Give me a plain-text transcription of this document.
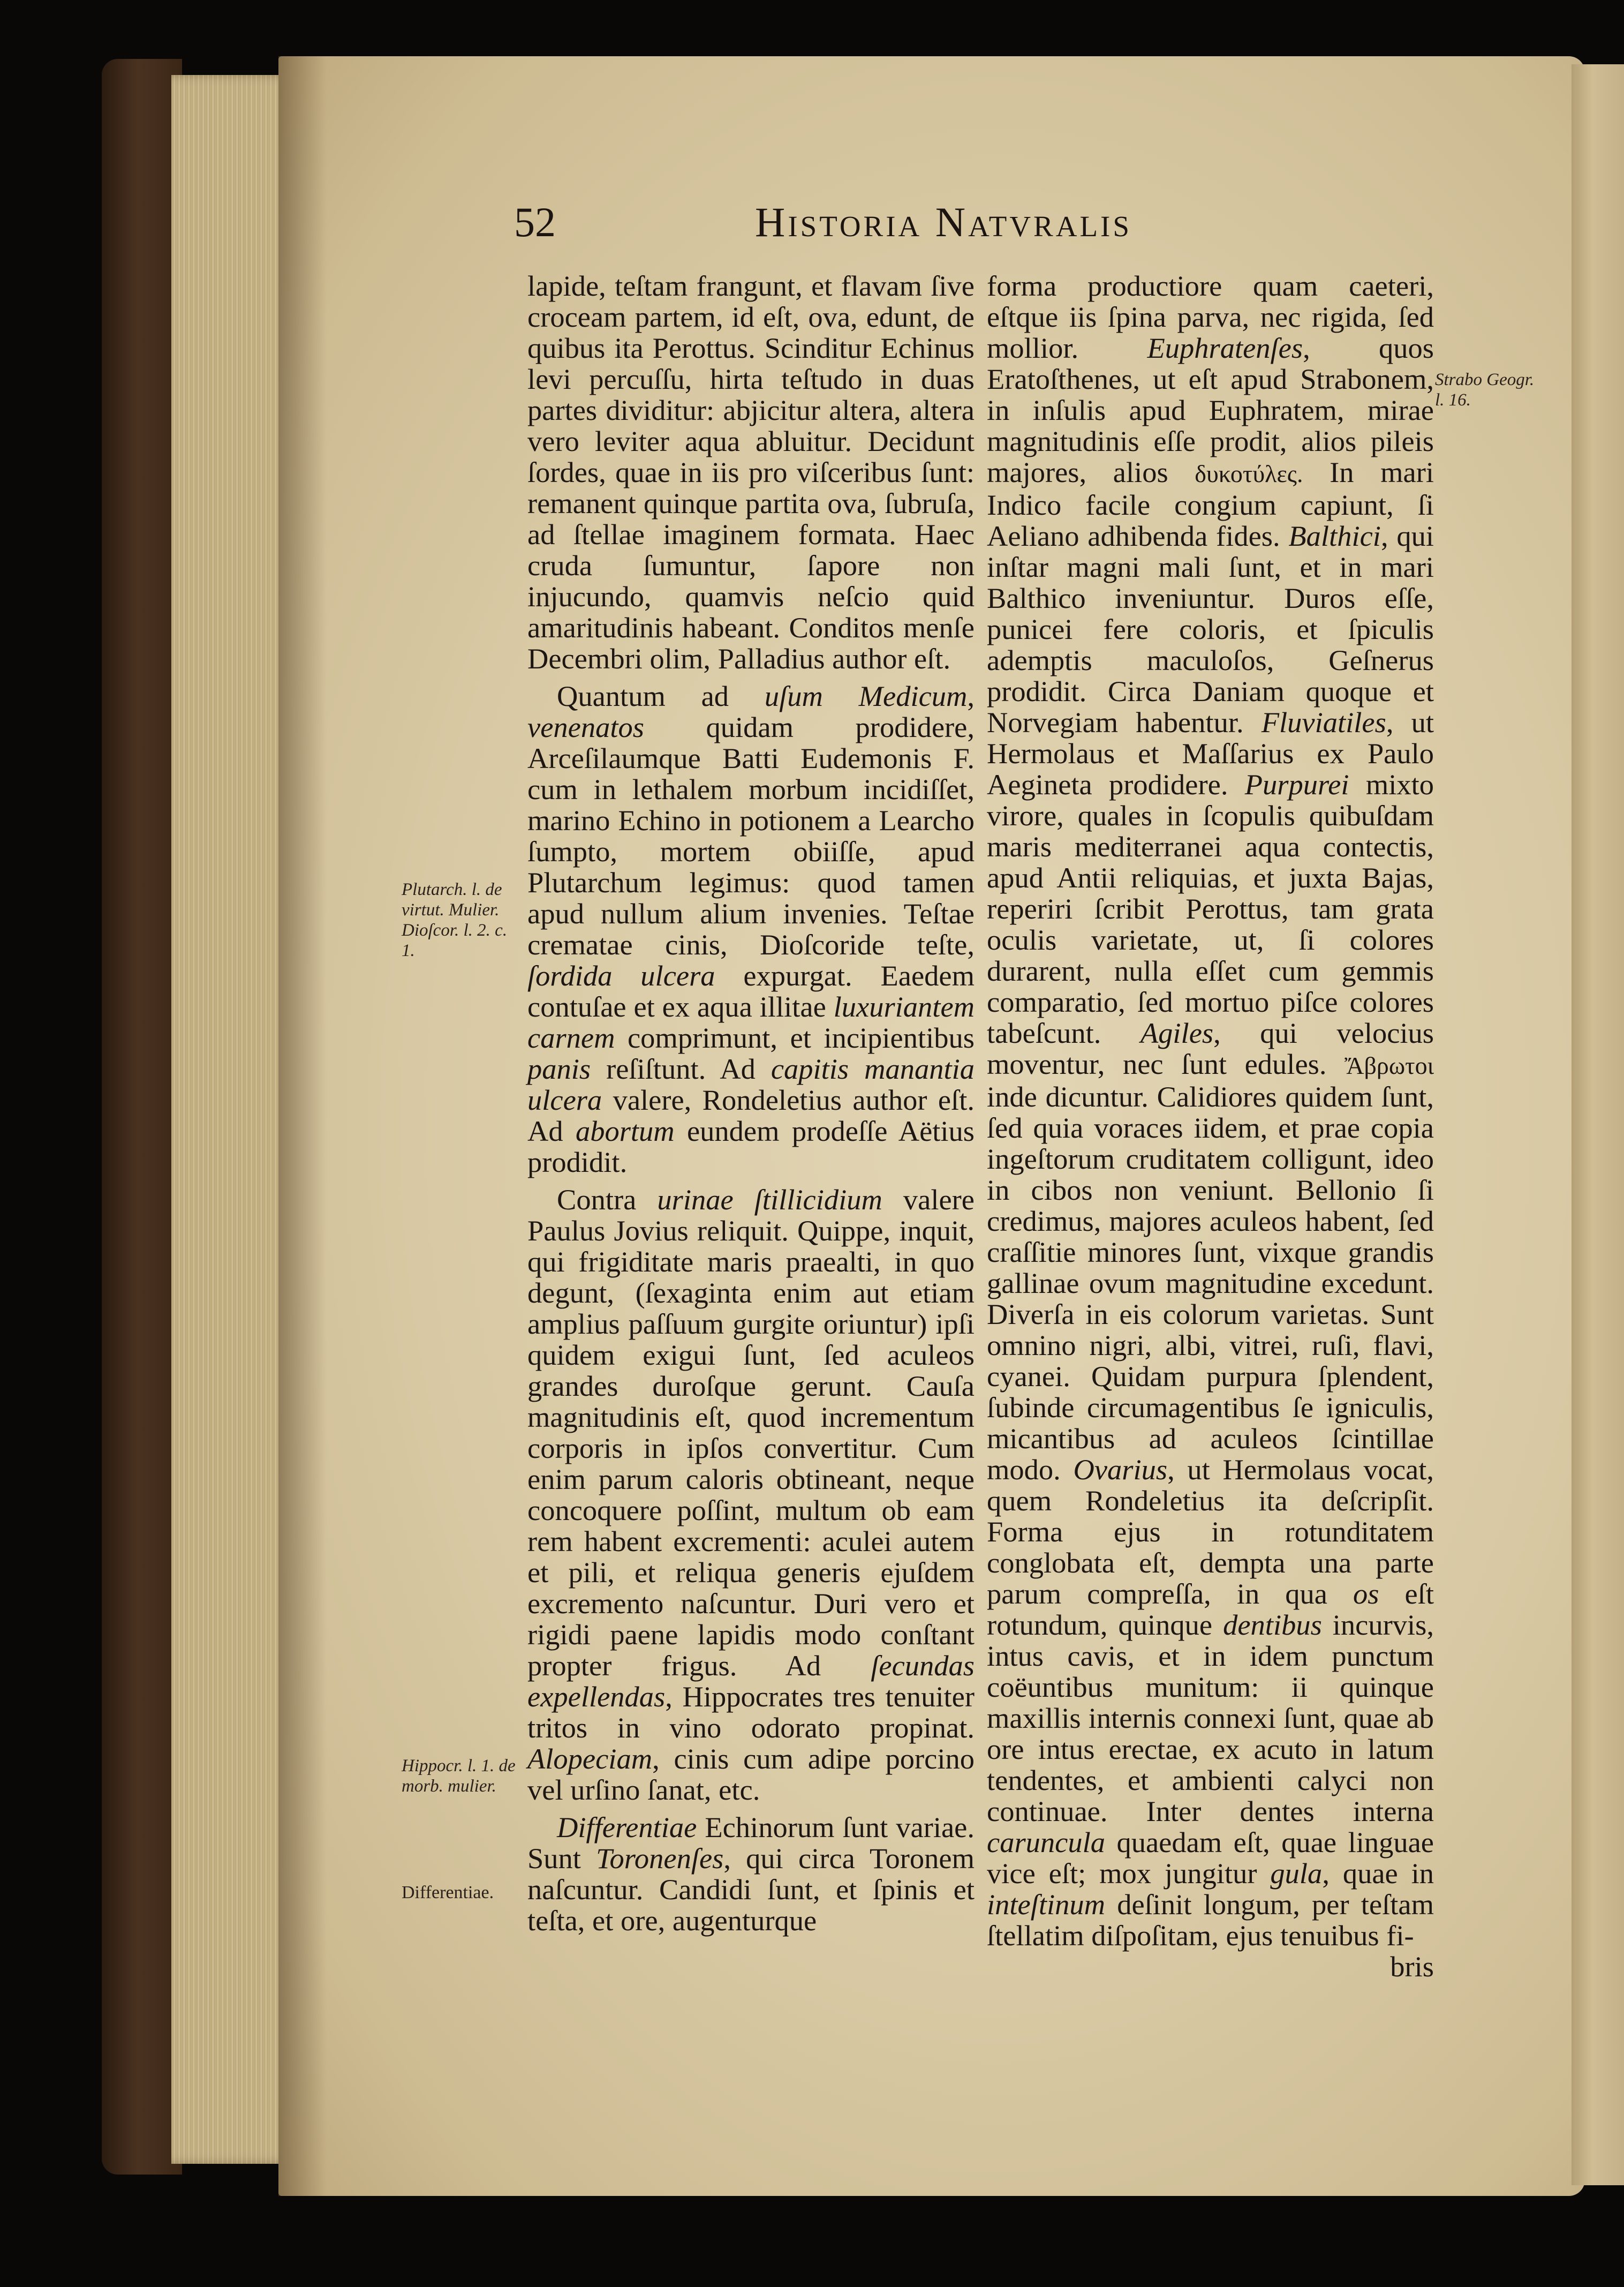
52	Historia Natvralis

lapide, teſtam frangunt, et flavam ſive croceam partem, id eſt, ova, edunt, de quibus ita Perottus. Scinditur Echinus levi percuſſu, hirta teſtudo in duas partes dividitur: abjicitur altera, altera vero leviter aqua abluitur. Decidunt ſordes, quae in iis pro viſceribus ſunt: remanent quinque partita ova, ſubruſa, ad ſtellae imaginem formata. Haec cruda ſumuntur, ſapore non injucundo, quamvis neſcio quid amaritudinis habeant. Conditos menſe Decembri olim, Palladius author eſt.

Quantum ad uſum Medicum, venenatos quidam prodidere, Arceſilaumque Batti Eudemonis F. cum in lethalem morbum incidiſſet, marino Echino in potionem a Learcho ſumpto, mortem obiiſſe, apud Plutarchum legimus: quod tamen apud nullum alium invenies. Teſtae crematae cinis, Dioſcoride teſte, ſordida ulcera expurgat. Eaedem contuſae et ex aqua illitae luxuriantem carnem comprimunt, et incipientibus panis reſiſtunt. Ad capitis manantia ulcera valere, Rondeletius author eſt. Ad abortum eundem prodeſſe Aëtius prodidit.

Contra urinae ſtillicidium valere Paulus Jovius reliquit. Quippe, inquit, qui frigiditate maris praealti, in quo degunt, (ſexaginta enim aut etiam amplius paſſuum gurgite oriuntur) ipſi quidem exigui ſunt, ſed aculeos grandes duroſque gerunt. Cauſa magnitudinis eſt, quod incrementum corporis in ipſos convertitur. Cum enim parum caloris obtineant, neque concoquere poſſint, multum ob eam rem habent excrementi: aculei autem et pili, et reliqua generis ejuſdem excremento naſcuntur. Duri vero et rigidi paene lapidis modo conſtant propter frigus. Ad ſecundas expellendas, Hippocrates tres tenuiter tritos in vino odorato propinat. Alopeciam, cinis cum adipe porcino vel urſino ſanat, etc.

Differentiae Echinorum ſunt variae. Sunt Toronenſes, qui circa Toronem naſcuntur. Candidi ſunt, et ſpinis et teſta, et ore, augenturque

forma productiore quam caeteri, eſtque iis ſpina parva, nec rigida, ſed mollior. Euphratenſes, quos Eratoſthenes, ut eſt apud Strabonem, in inſulis apud Euphratem, mirae magnitudinis eſſe prodit, alios pileis majores, alios δυκοτύλες. In mari Indico facile congium capiunt, ſi Aeliano adhibenda fides. Balthici, qui inſtar magni mali ſunt, et in mari Balthico inveniuntur. Duros eſſe, punicei fere coloris, et ſpiculis ademptis maculoſos, Geſnerus prodidit. Circa Daniam quoque et Norvegiam habentur. Fluviatiles, ut Hermolaus et Maſſarius ex Paulo Aegineta prodidere. Purpurei mixto virore, quales in ſcopulis quibuſdam maris mediterranei aqua contectis, apud Antii reliquias, et juxta Bajas, reperiri ſcribit Perottus, tam grata oculis varietate, ut, ſi colores durarent, nulla eſſet cum gemmis comparatio, ſed mortuo piſce colores tabeſcunt. Agiles, qui velocius moventur, nec ſunt edules. Ἄβρωτοι inde dicuntur. Calidiores quidem ſunt, ſed quia voraces iidem, et prae copia ingeſtorum cruditatem colligunt, ideo in cibos non veniunt. Bellonio ſi credimus, majores aculeos habent, ſed craſſitie minores ſunt, vixque grandis gallinae ovum magnitudine excedunt. Diverſa in eis colorum varietas. Sunt omnino nigri, albi, vitrei, ruſi, flavi, cyanei. Quidam purpura ſplendent, ſubinde circumagentibus ſe igniculis, micantibus ad aculeos ſcintillae modo. Ovarius, ut Hermolaus vocat, quem Rondeletius ita deſcripſit. Forma ejus in rotunditatem conglobata eſt, dempta una parte parum compreſſa, in qua os eſt rotundum, quinque dentibus incurvis, intus cavis, et in idem punctum coëuntibus munitum: ii quinque maxillis internis connexi ſunt, quae ab ore intus erectae, ex acuto in latum tendentes, et ambienti calyci non continuae. Inter dentes interna caruncula quaedam eſt, quae linguae vice eſt; mox jungitur gula, quae in inteſtinum deſinit longum, per teſtam ſtellatim diſpoſitam, ejus tenuibus fi-

bris
Plutarch. l. de virtut. Mulier.
Dioſcor. l. 2. c. 1.
Hippocr. l. 1. de morb. mulier.
Differentiae.
Strabo Geogr. l. 16.
